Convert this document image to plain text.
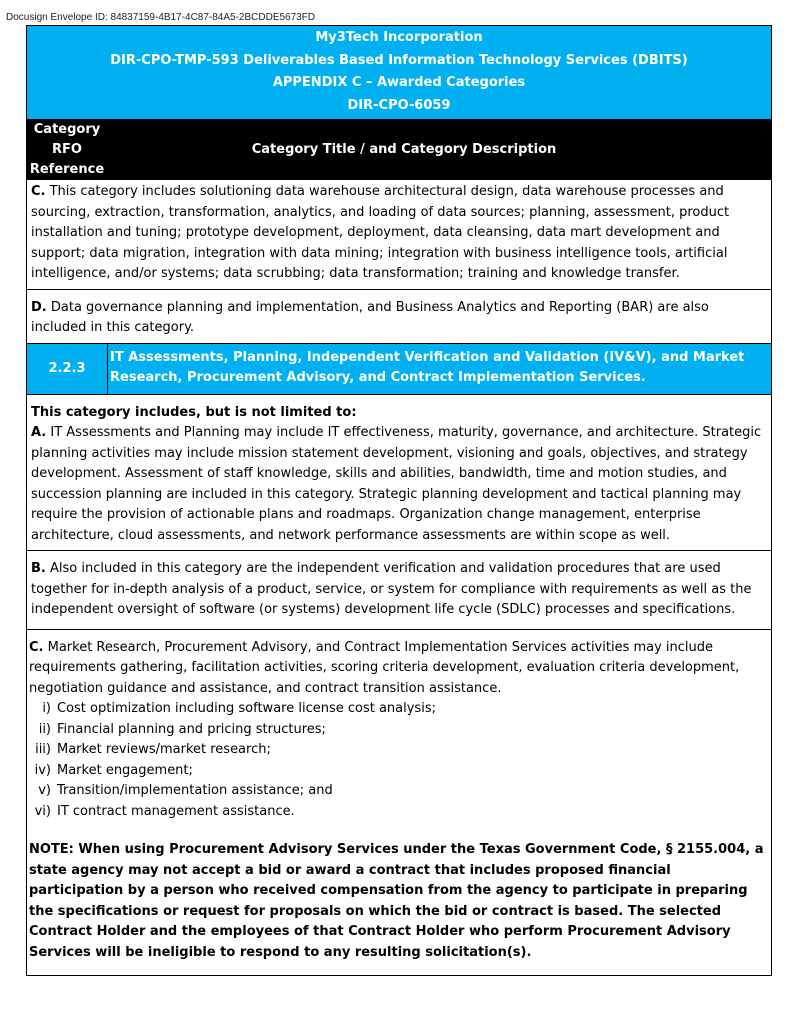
Docusign Envelope ID: 84837159-4B17-4C87-84A5-2BCDDE5673FD
My3Tech Incorporation
DIR-CPO-TMP-593 Deliverables Based Information Technology Services (DBITS)
APPENDIX C – Awarded Categories
DIR-CPO-6059
Category
RFO
Reference
Category Title / and Category Description
C. This category includes solutioning data warehouse architectural design, data warehouse processes and sourcing, extraction, transformation, analytics, and loading of data sources; planning, assessment, product installation and tuning; prototype development, deployment, data cleansing, data mart development and support; data migration, integration with data mining; integration with business intelligence tools, artificial intelligence, and/or systems; data scrubbing; data transformation; training and knowledge transfer.
D. Data governance planning and implementation, and Business Analytics and Reporting (BAR) are also included in this category.
2.2.3
IT Assessments, Planning, Independent Verification and Validation (IV&V), and Market Research, Procurement Advisory, and Contract Implementation Services.
This category includes, but is not limited to:
A. IT Assessments and Planning may include IT effectiveness, maturity, governance, and architecture. Strategic planning activities may include mission statement development, visioning and goals, objectives, and strategy development. Assessment of staff knowledge, skills and abilities, bandwidth, time and motion studies, and succession planning are included in this category. Strategic planning development and tactical planning may require the provision of actionable plans and roadmaps. Organization change management, enterprise architecture, cloud assessments, and network performance assessments are within scope as well.
B. Also included in this category are the independent verification and validation procedures that are used together for in-depth analysis of a product, service, or system for compliance with requirements as well as the independent oversight of software (or systems) development life cycle (SDLC) processes and specifications.
C. Market Research, Procurement Advisory, and Contract Implementation Services activities may include requirements gathering, facilitation activities, scoring criteria development, evaluation criteria development, negotiation guidance and assistance, and contract transition assistance.
i) Cost optimization including software license cost analysis;
ii) Financial planning and pricing structures;
iii) Market reviews/market research;
iv) Market engagement;
v) Transition/implementation assistance; and
vi) IT contract management assistance.
NOTE: When using Procurement Advisory Services under the Texas Government Code, § 2155.004, a state agency may not accept a bid or award a contract that includes proposed financial participation by a person who received compensation from the agency to participate in preparing the specifications or request for proposals on which the bid or contract is based. The selected Contract Holder and the employees of that Contract Holder who perform Procurement Advisory Services will be ineligible to respond to any resulting solicitation(s).
